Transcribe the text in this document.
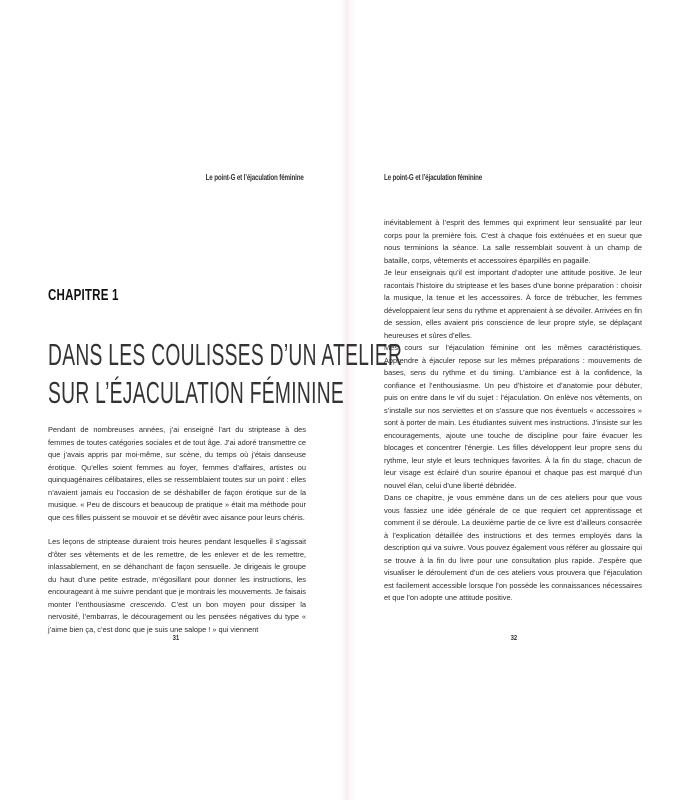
Le point-G et l’éjaculation féminine
CHAPITRE 1
DANS LES COULISSES D’UN ATELIER
SUR L’ÉJACULATION FÉMININE

Pendant de nombreuses années, j’ai enseigné l’art du striptease à des femmes de toutes catégories sociales et de tout âge. J’ai adoré transmettre ce que j’avais appris par moi-même, sur scène, du temps où j’étais danseuse érotique. Qu’elles soient femmes au foyer, femmes d’affaires, artistes ou quinquagénaires célibataires, elles se ressemblaient toutes sur un point : elles n’avaient jamais eu l’occasion de se déshabiller de façon érotique sur de la musique. « Peu de discours et beaucoup de pratique » était ma méthode pour que ces filles puissent se mouvoir et se dévêtir avec aisance pour leurs chéris.

Les leçons de striptease duraient trois heures pendant lesquelles il s’agissait d’ôter ses vêtements et de les remettre, de les enlever et de les remettre, inlassablement, en se déhanchant de façon sensuelle. Je dirigeais le groupe du haut d’une petite estrade, m’égosillant pour donner les instructions, les encourageant à me suivre pendant que je montrais les mouvements. Je faisais monter l’enthousiasme crescendo. C’est un bon moyen pour dissiper la nervosité, l’embarras, le découragement ou les pensées négatives du type « j’aime bien ça, c’est donc que je suis une salope ! » qui viennent

31
Le point-G et l’éjaculation féminine

inévitablement à l’esprit des femmes qui expriment leur sensualité par leur corps pour la première fois. C’est à chaque fois exténuées et en sueur que nous terminions la séance. La salle ressemblait souvent à un champ de bataille, corps, vêtements et accessoires éparpillés en pagaille.

Je leur enseignais qu’il est important d’adopter une attitude positive. Je leur racontais l’histoire du striptease et les bases d’une bonne préparation : choisir la musique, la tenue et les accessoires. À force de trébucher, les femmes développaient leur sens du rythme et apprenaient à se dévoiler. Arrivées en fin de session, elles avaient pris conscience de leur propre style, se déplaçant heureuses et sûres d’elles.

Mes cours sur l’éjaculation féminine ont les mêmes caractéristiques. Apprendre à éjaculer repose sur les mêmes préparations : mouvements de bases, sens du rythme et du timing. L’ambiance est à la confidence, la confiance et l’enthousiasme. Un peu d’histoire et d’anatomie pour débuter, puis on entre dans le vif du sujet : l’éjaculation. On enlève nos vêtements, on s’installe sur nos serviettes et on s’assure que nos éventuels « accessoires » sont à porter de main. Les étudiantes suivent mes instructions. J’insiste sur les encouragements, ajoute une touche de discipline pour faire évacuer les blocages et concentrer l’énergie. Les filles développent leur propre sens du rythme, leur style et leurs techniques favorites. À la fin du stage, chacun de leur visage est éclairé d’un sourire épanoui et chaque pas est marqué d’un nouvel élan, celui d’une liberté débridée.

Dans ce chapitre, je vous emmène dans un de ces ateliers pour que vous vous fassiez une idée générale de ce que requiert cet apprentissage et comment il se déroule. La deuxième partie de ce livre est d’ailleurs consacrée à l’explication détaillée des instructions et des termes employés dans la description qui va suivre. Vous pouvez également vous référer au glossaire qui se trouve à la fin du livre pour une consultation plus rapide. J’espère que visualiser le déroulement d’un de ces ateliers vous prouvera que l’éjaculation est facilement accessible lorsque l’on possède les connaissances nécessaires et que l’on adopte une attitude positive.

32
